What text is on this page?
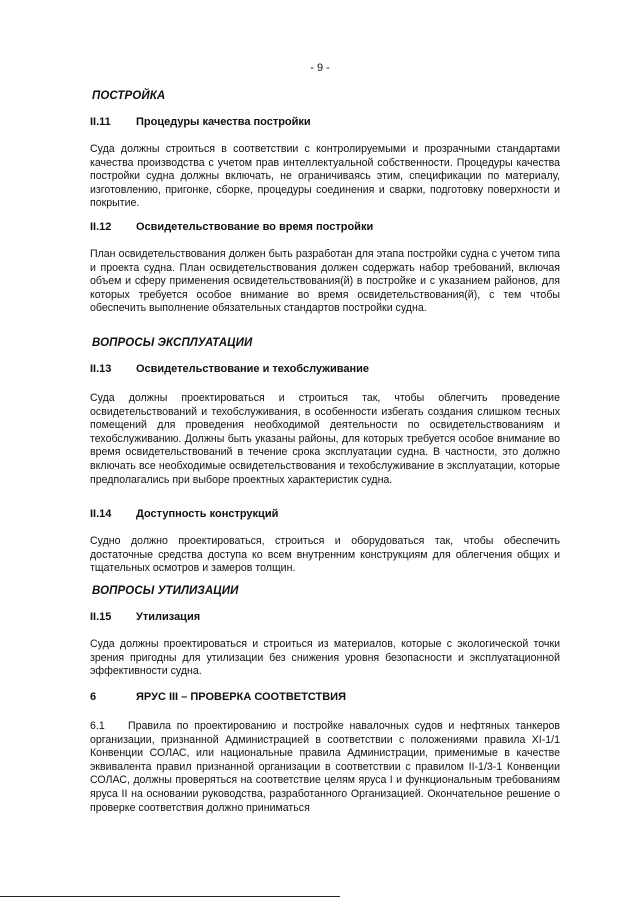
- 9 -
ПОСТРОЙКА
II.11 Процедуры качества постройки
Суда должны строиться в соответствии с контролируемыми и прозрачными стандартами качества производства с учетом прав интеллектуальной собственности. Процедуры качества постройки судна должны включать, не ограничиваясь этим, спецификации по материалу, изготовлению, пригонке, сборке, процедуры соединения и сварки, подготовку поверхности и покрытие.
II.12 Освидетельствование во время постройки
План освидетельствования должен быть разработан для этапа постройки судна с учетом типа и проекта судна. План освидетельствования должен содержать набор требований, включая объем и сферу применения освидетельствования(й) в постройке и с указанием районов, для которых требуется особое внимание во время освидетельствования(й), с тем чтобы обеспечить выполнение обязательных стандартов постройки судна.
ВОПРОСЫ ЭКСПЛУАТАЦИИ
II.13 Освидетельствование и техобслуживание
Суда должны проектироваться и строиться так, чтобы облегчить проведение освидетельствований и техобслуживания, в особенности избегать создания слишком тесных помещений для проведения необходимой деятельности по освидетельствованиям и техобслуживанию. Должны быть указаны районы, для которых требуется особое внимание во время освидетельствований в течение срока эксплуатации судна. В частности, это должно включать все необходимые освидетельствования и техобслуживание в эксплуатации, которые предполагались при выборе проектных характеристик судна.
II.14 Доступность конструкций
Судно должно проектироваться, строиться и оборудоваться так, чтобы обеспечить достаточные средства доступа ко всем внутренним конструкциям для облегчения общих и тщательных осмотров и замеров толщин.
ВОПРОСЫ УТИЛИЗАЦИИ
II.15 Утилизация
Суда должны проектироваться и строиться из материалов, которые с экологической точки зрения пригодны для утилизации без снижения уровня безопасности и эксплуатационной эффективности судна.
6	ЯРУС III – ПРОВЕРКА СООТВЕТСТВИЯ
6.1 Правила по проектированию и постройке навалочных судов и нефтяных танкеров организации, признанной Администрацией в соответствии с положениями правила XI-1/1 Конвенции СОЛАС, или национальные правила Администрации, применимые в качестве эквивалента правил признанной организации в соответствии с правилом II-1/3-1 Конвенции СОЛАС, должны проверяться на соответствие целям яруса I и функциональным требованиям яруса II на основании руководства, разработанного Организацией. Окончательное решение о проверке соответствия должно приниматься
